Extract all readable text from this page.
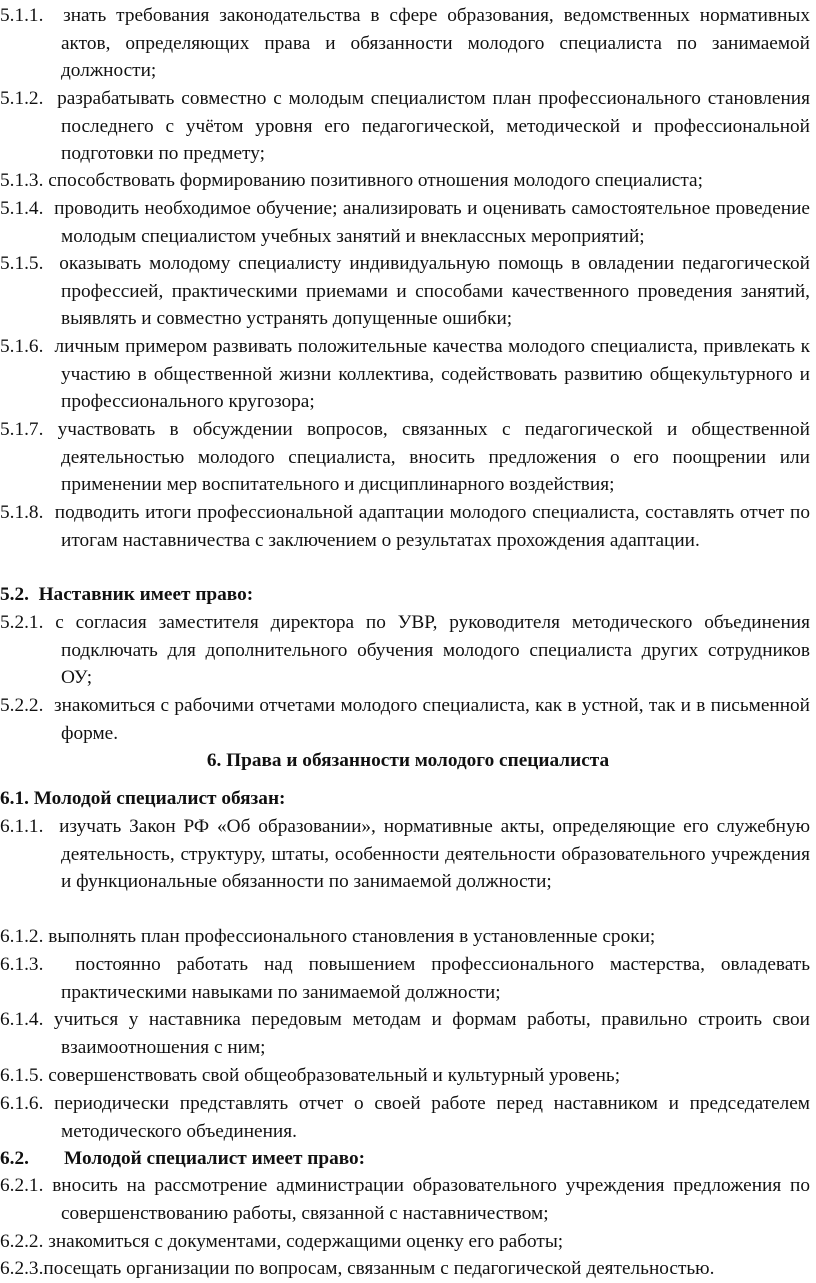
5.1.1. знать требования законодательства в сфере образования, ведомственных нормативных актов, определяющих права и обязанности молодого специалиста по занимаемой должности;
5.1.2. разрабатывать совместно с молодым специалистом план профессионального становления последнего с учётом уровня его педагогической, методической и профессиональной подготовки по предмету;
5.1.3. способствовать формированию позитивного отношения молодого специалиста;
5.1.4. проводить необходимое обучение; анализировать и оценивать самостоятельное проведение молодым специалистом учебных занятий и внеклассных мероприятий;
5.1.5. оказывать молодому специалисту индивидуальную помощь в овладении педагогической профессией, практическими приемами и способами качественного проведения занятий, выявлять и совместно устранять допущенные ошибки;
5.1.6. личным примером развивать положительные качества молодого специалиста, привлекать к участию в общественной жизни коллектива, содействовать развитию общекультурного и профессионального кругозора;
5.1.7. участвовать в обсуждении вопросов, связанных с педагогической и общественной деятельностью молодого специалиста, вносить предложения о его поощрении или применении мер воспитательного и дисциплинарного воздействия;
5.1.8. подводить итоги профессиональной адаптации молодого специалиста, составлять отчет по итогам наставничества с заключением о результатах прохождения адаптации.
5.2. Наставник имеет право:
5.2.1. с согласия заместителя директора по УВР, руководителя методического объединения подключать для дополнительного обучения молодого специалиста других сотрудников ОУ;
5.2.2. знакомиться с рабочими отчетами молодого специалиста, как в устной, так и в письменной форме.
6. Права и обязанности молодого специалиста
6.1. Молодой специалист обязан:
6.1.1. изучать Закон РФ «Об образовании», нормативные акты, определяющие его служебную деятельность, структуру, штаты, особенности деятельности образовательного учреждения и функциональные обязанности по занимаемой должности;
6.1.2. выполнять план профессионального становления в установленные сроки;
6.1.3. постоянно работать над повышением профессионального мастерства, овладевать практическими навыками по занимаемой должности;
6.1.4. учиться у наставника передовым методам и формам работы, правильно строить свои взаимоотношения с ним;
6.1.5. совершенствовать свой общеобразовательный и культурный уровень;
6.1.6. периодически представлять отчет о своей работе перед наставником и председателем методического объединения.
6.2. Молодой специалист имеет право:
6.2.1. вносить на рассмотрение администрации образовательного учреждения предложения по совершенствованию работы, связанной с наставничеством;
6.2.2. знакомиться с документами, содержащими оценку его работы;
6.2.3.посещать организации по вопросам, связанным с педагогической деятельностью.
